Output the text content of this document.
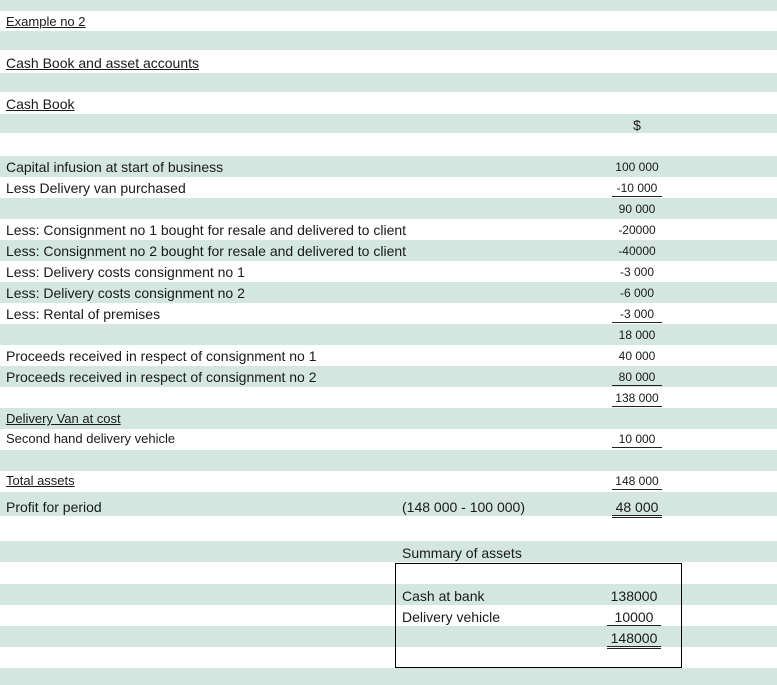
Example no 2
Cash Book and asset accounts
Cash Book
$
Capital infusion at start of business	100 000
Less Delivery van purchased	-10 000
90 000
Less: Consignment no 1 bought for resale and delivered to client	-20000
Less: Consignment no 2 bought for resale and delivered to client	-40000
Less: Delivery costs consignment no 1	-3 000
Less: Delivery costs consignment no 2	-6 000
Less: Rental of premises	-3 000
18 000
Proceeds received in respect of consignment no 1	40 000
Proceeds received in respect of consignment no 2	80 000
138 000
Delivery Van at cost
Second hand delivery vehicle	10 000
Total assets	148 000
Profit for period	(148 000 - 100 000)	48 000
Summary of assets
Cash at bank	138000
Delivery vehicle	10000
148000
